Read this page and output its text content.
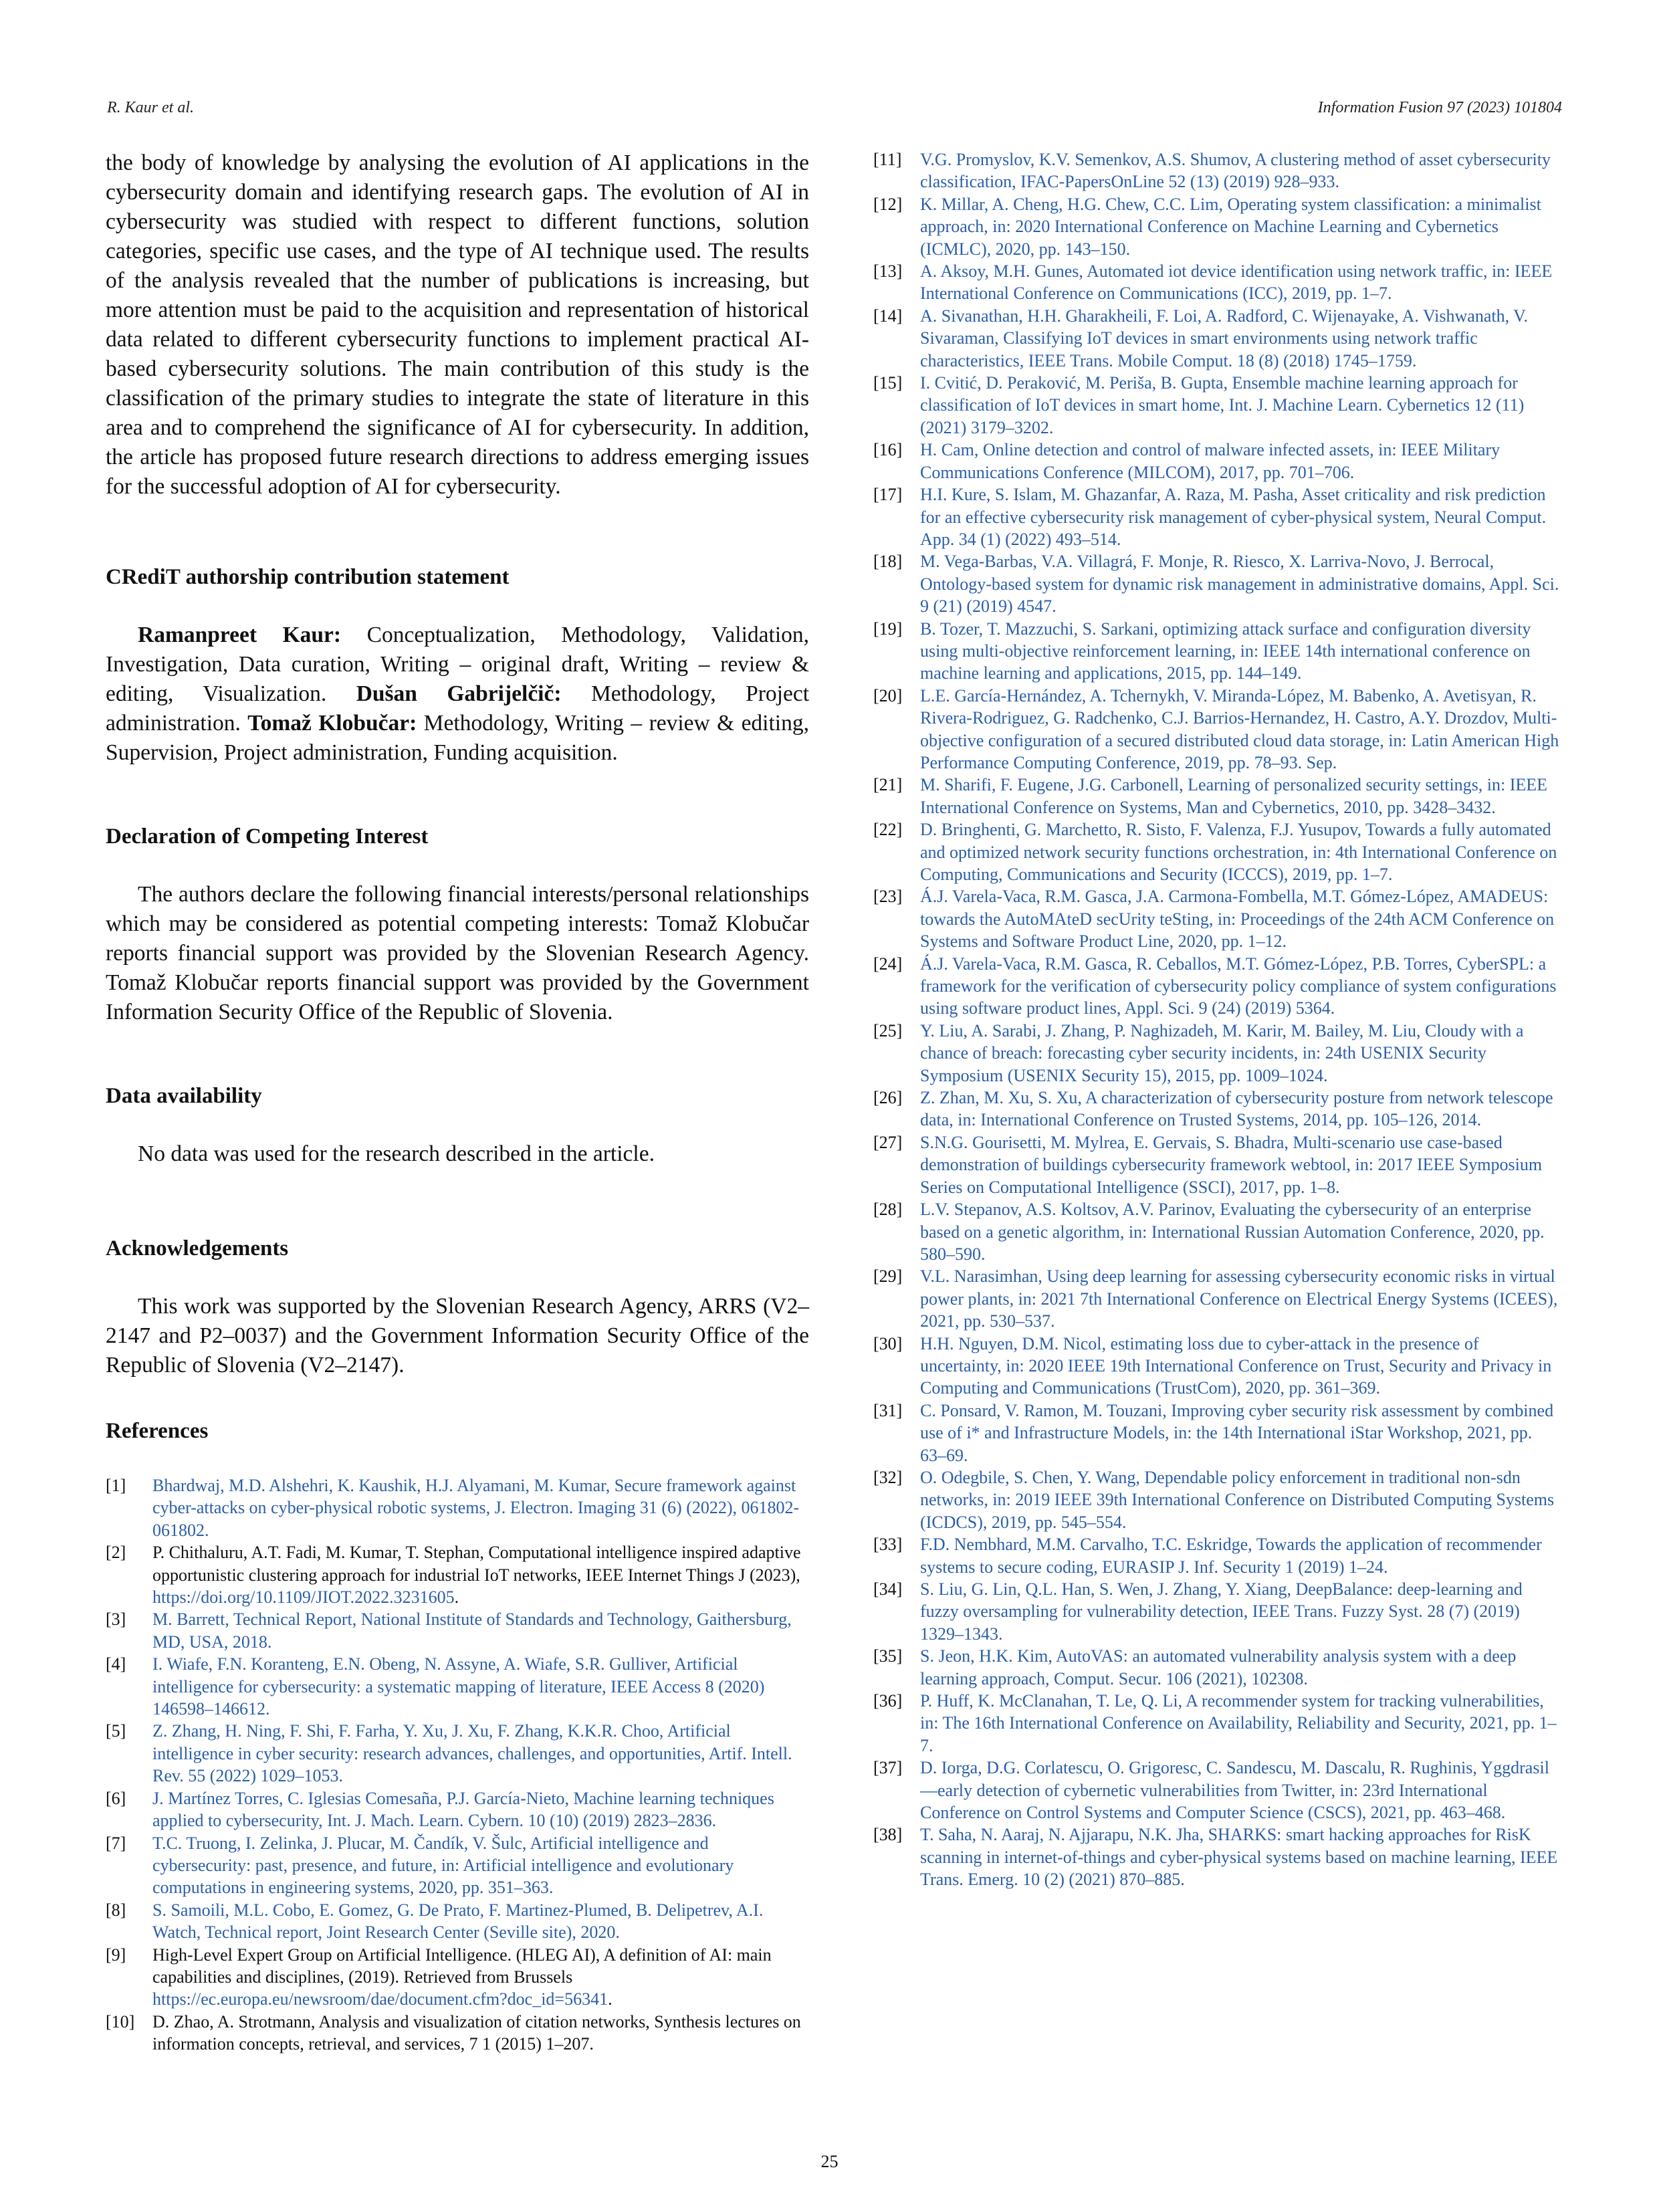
R. Kaur et al.	Information Fusion 97 (2023) 101804

the body of knowledge by analysing the evolution of AI applications in the cybersecurity domain and identifying research gaps. The evolution of AI in cybersecurity was studied with respect to different functions, solution categories, specific use cases, and the type of AI technique used. The results of the analysis revealed that the number of publications is increasing, but more attention must be paid to the acquisition and representation of historical data related to different cybersecurity functions to implement practical AI-based cybersecurity solutions. The main contribution of this study is the classification of the primary studies to integrate the state of literature in this area and to comprehend the significance of AI for cybersecurity. In addition, the article has proposed future research directions to address emerging issues for the successful adoption of AI for cybersecurity.

CRediT authorship contribution statement

Ramanpreet Kaur: Conceptualization, Methodology, Validation, Investigation, Data curation, Writing – original draft, Writing – review & editing, Visualization. Dušan Gabrijelčič: Methodology, Project administration. Tomaž Klobučar: Methodology, Writing – review & editing, Supervision, Project administration, Funding acquisition.

Declaration of Competing Interest

The authors declare the following financial interests/personal relationships which may be considered as potential competing interests: Tomaž Klobučar reports financial support was provided by the Slovenian Research Agency. Tomaž Klobučar reports financial support was provided by the Government Information Security Office of the Republic of Slovenia.

Data availability

No data was used for the research described in the article.

Acknowledgements

This work was supported by the Slovenian Research Agency, ARRS (V2–2147 and P2–0037) and the Government Information Security Office of the Republic of Slovenia (V2–2147).

References
[1]	Bhardwaj, M.D. Alshehri, K. Kaushik, H.J. Alyamani, M. Kumar, Secure framework against cyber-attacks on cyber-physical robotic systems, J. Electron. Imaging 31 (6) (2022), 061802-061802.
[2]	P. Chithaluru, A.T. Fadi, M. Kumar, T. Stephan, Computational intelligence inspired adaptive opportunistic clustering approach for industrial IoT networks, IEEE Internet Things J (2023), https://doi.org/10.1109/JIOT.2022.3231605.
[3]	M. Barrett, Technical Report, National Institute of Standards and Technology, Gaithersburg, MD, USA, 2018.
[4]	I. Wiafe, F.N. Koranteng, E.N. Obeng, N. Assyne, A. Wiafe, S.R. Gulliver, Artificial intelligence for cybersecurity: a systematic mapping of literature, IEEE Access 8 (2020) 146598–146612.
[5]	Z. Zhang, H. Ning, F. Shi, F. Farha, Y. Xu, J. Xu, F. Zhang, K.K.R. Choo, Artificial intelligence in cyber security: research advances, challenges, and opportunities, Artif. Intell. Rev. 55 (2022) 1029–1053.
[6]	J. Martínez Torres, C. Iglesias Comesaña, P.J. García-Nieto, Machine learning techniques applied to cybersecurity, Int. J. Mach. Learn. Cybern. 10 (10) (2019) 2823–2836.
[7]	T.C. Truong, I. Zelinka, J. Plucar, M. Čandík, V. Šulc, Artificial intelligence and cybersecurity: past, presence, and future, in: Artificial intelligence and evolutionary computations in engineering systems, 2020, pp. 351–363.
[8]	S. Samoili, M.L. Cobo, E. Gomez, G. De Prato, F. Martinez-Plumed, B. Delipetrev, A.I. Watch, Technical report, Joint Research Center (Seville site), 2020.
[9]	High-Level Expert Group on Artificial Intelligence. (HLEG AI), A definition of AI: main capabilities and disciplines, (2019). Retrieved from Brussels https://ec.europa.eu/newsroom/dae/document.cfm?doc_id=56341.
[10]	D. Zhao, A. Strotmann, Analysis and visualization of citation networks, Synthesis lectures on information concepts, retrieval, and services, 7 1 (2015) 1–207.
[11]	V.G. Promyslov, K.V. Semenkov, A.S. Shumov, A clustering method of asset cybersecurity classification, IFAC-PapersOnLine 52 (13) (2019) 928–933.
[12]	K. Millar, A. Cheng, H.G. Chew, C.C. Lim, Operating system classification: a minimalist approach, in: 2020 International Conference on Machine Learning and Cybernetics (ICMLC), 2020, pp. 143–150.
[13]	A. Aksoy, M.H. Gunes, Automated iot device identification using network traffic, in: IEEE International Conference on Communications (ICC), 2019, pp. 1–7.
[14]	A. Sivanathan, H.H. Gharakheili, F. Loi, A. Radford, C. Wijenayake, A. Vishwanath, V. Sivaraman, Classifying IoT devices in smart environments using network traffic characteristics, IEEE Trans. Mobile Comput. 18 (8) (2018) 1745–1759.
[15]	I. Cvitić, D. Peraković, M. Periša, B. Gupta, Ensemble machine learning approach for classification of IoT devices in smart home, Int. J. Machine Learn. Cybernetics 12 (11) (2021) 3179–3202.
[16]	H. Cam, Online detection and control of malware infected assets, in: IEEE Military Communications Conference (MILCOM), 2017, pp. 701–706.
[17]	H.I. Kure, S. Islam, M. Ghazanfar, A. Raza, M. Pasha, Asset criticality and risk prediction for an effective cybersecurity risk management of cyber-physical system, Neural Comput. App. 34 (1) (2022) 493–514.
[18]	M. Vega-Barbas, V.A. Villagrá, F. Monje, R. Riesco, X. Larriva-Novo, J. Berrocal, Ontology-based system for dynamic risk management in administrative domains, Appl. Sci. 9 (21) (2019) 4547.
[19]	B. Tozer, T. Mazzuchi, S. Sarkani, optimizing attack surface and configuration diversity using multi-objective reinforcement learning, in: IEEE 14th international conference on machine learning and applications, 2015, pp. 144–149.
[20]	L.E. García-Hernández, A. Tchernykh, V. Miranda-López, M. Babenko, A. Avetisyan, R. Rivera-Rodriguez, G. Radchenko, C.J. Barrios-Hernandez, H. Castro, A.Y. Drozdov, Multi-objective configuration of a secured distributed cloud data storage, in: Latin American High Performance Computing Conference, 2019, pp. 78–93. Sep.
[21]	M. Sharifi, F. Eugene, J.G. Carbonell, Learning of personalized security settings, in: IEEE International Conference on Systems, Man and Cybernetics, 2010, pp. 3428–3432.
[22]	D. Bringhenti, G. Marchetto, R. Sisto, F. Valenza, F.J. Yusupov, Towards a fully automated and optimized network security functions orchestration, in: 4th International Conference on Computing, Communications and Security (ICCCS), 2019, pp. 1–7.
[23]	Á.J. Varela-Vaca, R.M. Gasca, J.A. Carmona-Fombella, M.T. Gómez-López, AMADEUS: towards the AutoMAteD secUrity teSting, in: Proceedings of the 24th ACM Conference on Systems and Software Product Line, 2020, pp. 1–12.
[24]	Á.J. Varela-Vaca, R.M. Gasca, R. Ceballos, M.T. Gómez-López, P.B. Torres, CyberSPL: a framework for the verification of cybersecurity policy compliance of system configurations using software product lines, Appl. Sci. 9 (24) (2019) 5364.
[25]	Y. Liu, A. Sarabi, J. Zhang, P. Naghizadeh, M. Karir, M. Bailey, M. Liu, Cloudy with a chance of breach: forecasting cyber security incidents, in: 24th USENIX Security Symposium (USENIX Security 15), 2015, pp. 1009–1024.
[26]	Z. Zhan, M. Xu, S. Xu, A characterization of cybersecurity posture from network telescope data, in: International Conference on Trusted Systems, 2014, pp. 105–126, 2014.
[27]	S.N.G. Gourisetti, M. Mylrea, E. Gervais, S. Bhadra, Multi-scenario use case-based demonstration of buildings cybersecurity framework webtool, in: 2017 IEEE Symposium Series on Computational Intelligence (SSCI), 2017, pp. 1–8.
[28]	L.V. Stepanov, A.S. Koltsov, A.V. Parinov, Evaluating the cybersecurity of an enterprise based on a genetic algorithm, in: International Russian Automation Conference, 2020, pp. 580–590.
[29]	V.L. Narasimhan, Using deep learning for assessing cybersecurity economic risks in virtual power plants, in: 2021 7th International Conference on Electrical Energy Systems (ICEES), 2021, pp. 530–537.
[30]	H.H. Nguyen, D.M. Nicol, estimating loss due to cyber-attack in the presence of uncertainty, in: 2020 IEEE 19th International Conference on Trust, Security and Privacy in Computing and Communications (TrustCom), 2020, pp. 361–369.
[31]	C. Ponsard, V. Ramon, M. Touzani, Improving cyber security risk assessment by combined use of i* and Infrastructure Models, in: the 14th International iStar Workshop, 2021, pp. 63–69.
[32]	O. Odegbile, S. Chen, Y. Wang, Dependable policy enforcement in traditional non-sdn networks, in: 2019 IEEE 39th International Conference on Distributed Computing Systems (ICDCS), 2019, pp. 545–554.
[33]	F.D. Nembhard, M.M. Carvalho, T.C. Eskridge, Towards the application of recommender systems to secure coding, EURASIP J. Inf. Security 1 (2019) 1–24.
[34]	S. Liu, G. Lin, Q.L. Han, S. Wen, J. Zhang, Y. Xiang, DeepBalance: deep-learning and fuzzy oversampling for vulnerability detection, IEEE Trans. Fuzzy Syst. 28 (7) (2019) 1329–1343.
[35]	S. Jeon, H.K. Kim, AutoVAS: an automated vulnerability analysis system with a deep learning approach, Comput. Secur. 106 (2021), 102308.
[36]	P. Huff, K. McClanahan, T. Le, Q. Li, A recommender system for tracking vulnerabilities, in: The 16th International Conference on Availability, Reliability and Security, 2021, pp. 1–7.
[37]	D. Iorga, D.G. Corlatescu, O. Grigoresc, C. Sandescu, M. Dascalu, R. Rughinis, Yggdrasil—early detection of cybernetic vulnerabilities from Twitter, in: 23rd International Conference on Control Systems and Computer Science (CSCS), 2021, pp. 463–468.
[38]	T. Saha, N. Aaraj, N. Ajjarapu, N.K. Jha, SHARKS: smart hacking approaches for RisK scanning in internet-of-things and cyber-physical systems based on machine learning, IEEE Trans. Emerg. 10 (2) (2021) 870–885.
25
